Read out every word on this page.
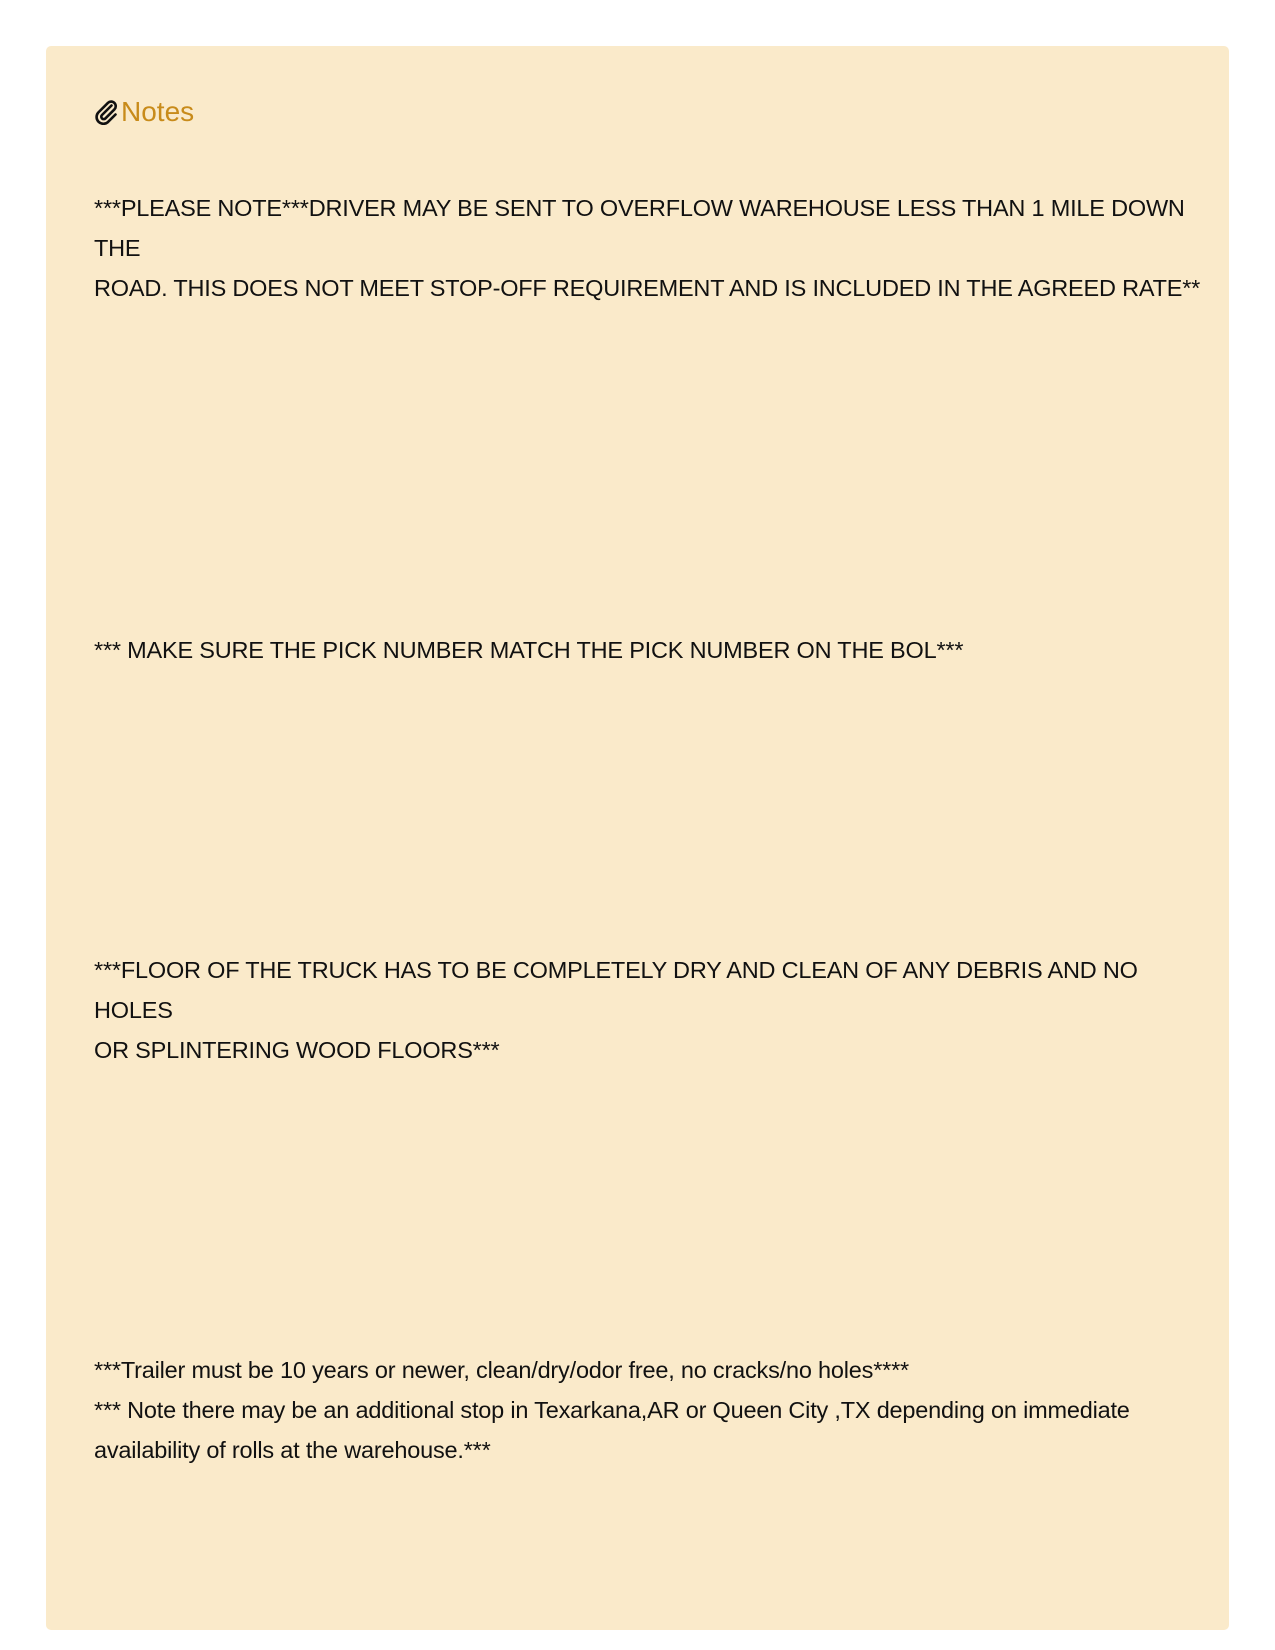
Notes
***PLEASE NOTE***DRIVER MAY BE SENT TO OVERFLOW WAREHOUSE LESS THAN 1 MILE DOWN THE
ROAD. THIS DOES NOT MEET STOP-OFF REQUIREMENT AND IS INCLUDED IN THE AGREED RATE**
*** MAKE SURE THE PICK NUMBER MATCH THE PICK NUMBER ON THE BOL***
***FLOOR OF THE TRUCK HAS TO BE COMPLETELY DRY AND CLEAN OF ANY DEBRIS AND NO HOLES
OR SPLINTERING WOOD FLOORS***
***Trailer must be 10 years or newer, clean/dry/odor free, no cracks/no holes****
*** Note there may be an additional stop in Texarkana,AR or Queen City ,TX depending on immediate availability of rolls at the warehouse.***
